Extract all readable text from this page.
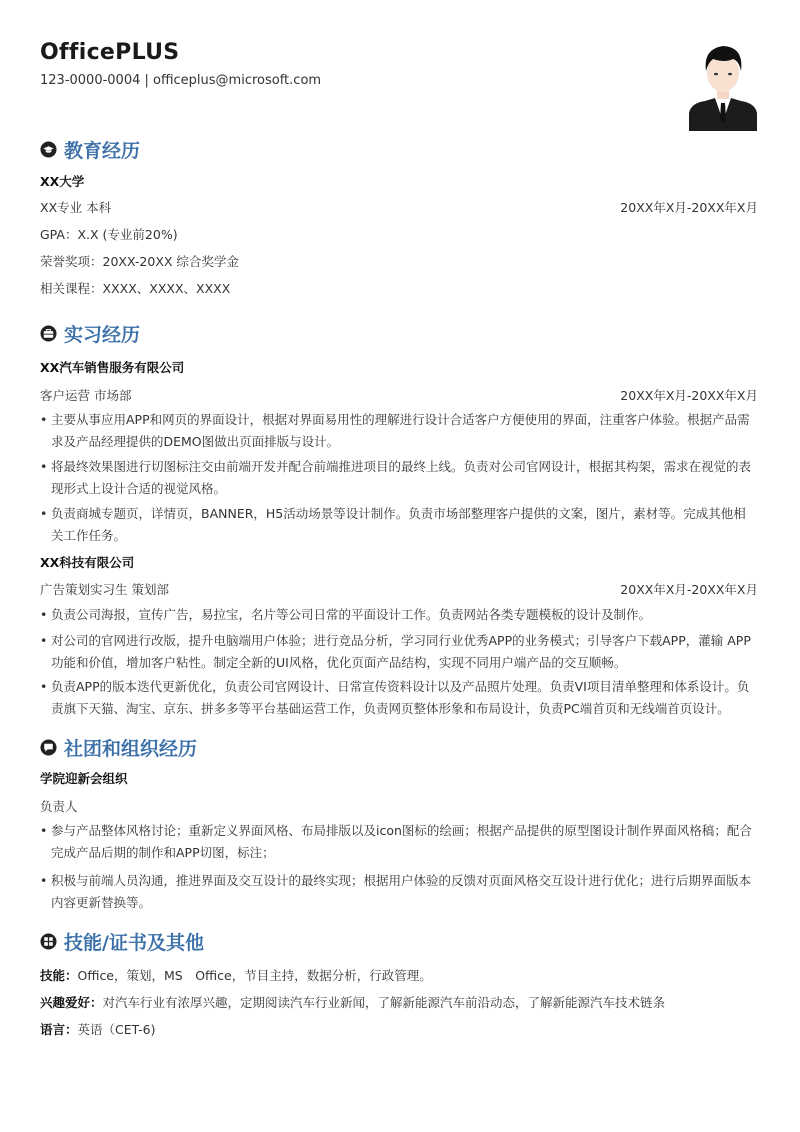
OfficePLUS
123-0000-0004 | officeplus@microsoft.com
教育经历
XX大学
XX专业 本科	20XX年X月-20XX年X月
GPA：X.X (专业前20%)
荣誉奖项：20XX-20XX 综合奖学金
相关课程：XXXX、XXXX、XXXX
实习经历
XX汽车销售服务有限公司
客户运营 市场部	20XX年X月-20XX年X月
• 主要从事应用APP和网页的界面设计，根据对界面易用性的理解进行设计合适客户方便使用的界面，注重客户体验。根据产品需求及产品经理提供的DEMO图做出页面排版与设计。
• 将最终效果图进行切图标注交由前端开发并配合前端推进项目的最终上线。负责对公司官网设计，根据其构架，需求在视觉的表现形式上设计合适的视觉风格。
• 负责商城专题页，详情页，BANNER，H5活动场景等设计制作。负责市场部整理客户提供的文案，图片，素材等。完成其他相关工作任务。
XX科技有限公司
广告策划实习生 策划部	20XX年X月-20XX年X月
• 负责公司海报，宣传广告，易拉宝，名片等公司日常的平面设计工作。负责网站各类专题模板的设计及制作。
• 对公司的官网进行改版，提升电脑端用户体验；进行竞品分析，学习同行业优秀APP的业务模式；引导客户下载APP，灌输 APP功能和价值，增加客户粘性。制定全新的UI风格，优化页面产品结构，实现不同用户端产品的交互顺畅。
• 负责APP的版本迭代更新优化，负责公司官网设计、日常宣传资料设计以及产品照片处理。负责VI项目清单整理和体系设计。负责旗下天猫、淘宝、京东、拼多多等平台基础运营工作，负责网页整体形象和布局设计，负责PC端首页和无线端首页设计。
社团和组织经历
学院迎新会组织
负责人
• 参与产品整体风格讨论；重新定义界面风格、布局排版以及icon图标的绘画；根据产品提供的原型图设计制作界面风格稿；配合完成产品后期的制作和APP切图，标注；
• 积极与前端人员沟通，推进界面及交互设计的最终实现；根据用户体验的反馈对页面风格交互设计进行优化；进行后期界面版本内容更新替换等。
技能/证书及其他
技能：Office，策划，MS　Office，节目主持，数据分析，行政管理。
兴趣爱好：对汽车行业有浓厚兴趣，定期阅读汽车行业新闻，了解新能源汽车前沿动态，了解新能源汽车技术链条
语言：英语（CET-6)
